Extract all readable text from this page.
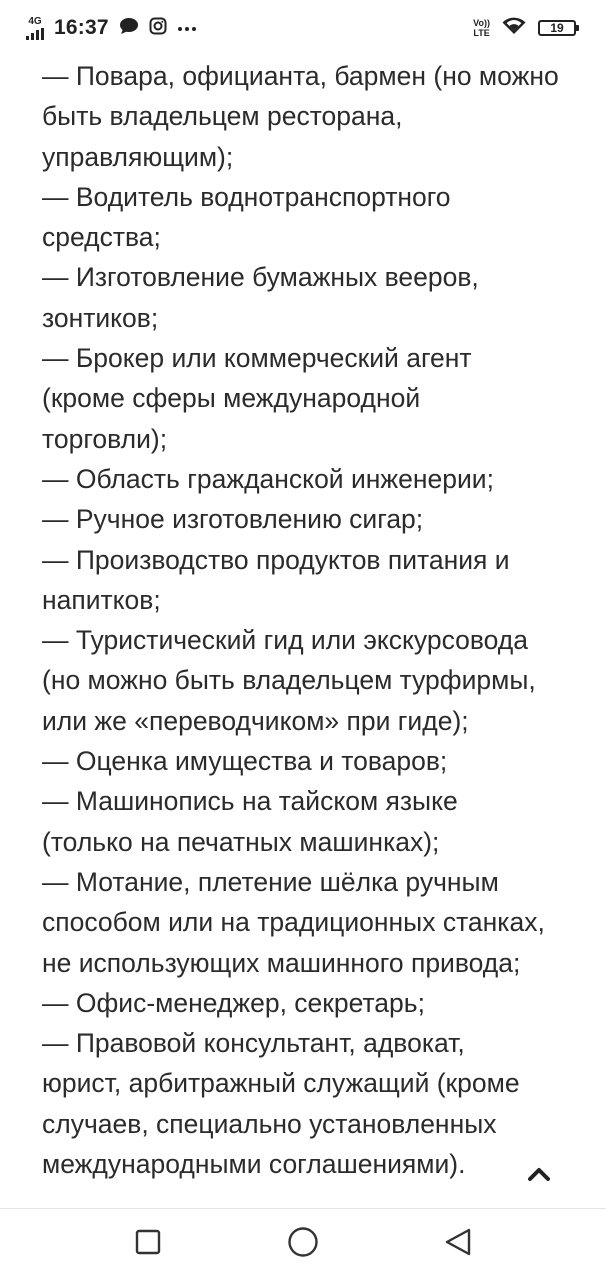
4G 16:37	Vo))
LTE	19
— Повара, официанта, бармен (но можно
быть владельцем ресторана,
управляющим);
— Водитель воднотранспортного
средства;
— Изготовление бумажных вееров,
зонтиков;
— Брокер или коммерческий агент
(кроме сферы международной
торговли);
— Область гражданской инженерии;
— Ручное изготовлению сигар;
— Производство продуктов питания и
напитков;
— Туристический гид или экскурсовода
(но можно быть владельцем турфирмы,
или же «переводчиком» при гиде);
— Оценка имущества и товаров;
— Машинопись на тайском языке
(только на печатных машинках);
— Мотание, плетение шёлка ручным
способом или на традиционных станках,
не использующих машинного привода;
— Офис-менеджер, секретарь;
— Правовой консультант, адвокат,
юрист, арбитражный служащий (кроме
случаев, специально установленных
международными соглашениями).
